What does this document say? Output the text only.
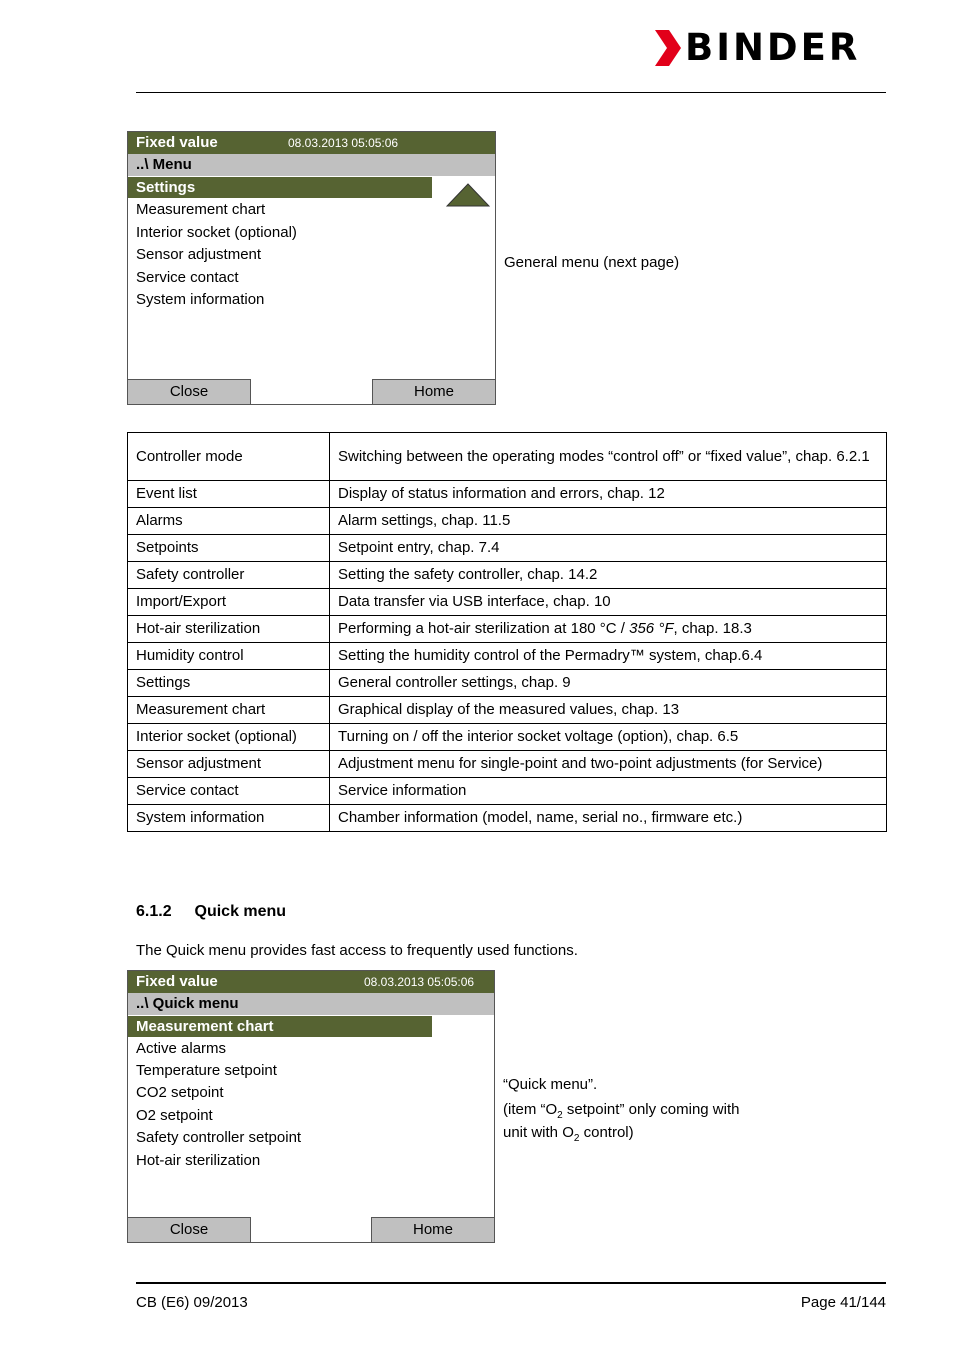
BINDER
Fixed value	08.03.2013 05:05:06
..\ Menu
Settings
Measurement chart
Interior socket (optional)
Sensor adjustment
Service contact
System information
Close	Home
General menu (next page)
Controller mode	Switching between the operating modes “control off” or “fixed value”, chap. 6.2.1
Event list	Display of status information and errors, chap. 12
Alarms	Alarm settings, chap. 11.5
Setpoints	Setpoint entry, chap. 7.4
Safety controller	Setting the safety controller, chap. 14.2
Import/Export	Data transfer via USB interface, chap. 10
Hot-air sterilization	Performing a hot-air sterilization at 180 °C / 356 °F, chap. 18.3
Humidity control	Setting the humidity control of the Permadry™ system, chap.6.4
Settings	General controller settings, chap. 9
Measurement chart	Graphical display of the measured values, chap. 13
Interior socket (optional)	Turning on / off the interior socket voltage (option), chap. 6.5
Sensor adjustment	Adjustment menu for single-point and two-point adjustments (for Service)
Service contact	Service information
System information	Chamber information (model, name, serial no., firmware etc.)
6.1.2 Quick menu
The Quick menu provides fast access to frequently used functions.
Fixed value	08.03.2013 05:05:06
..\ Quick menu
Measurement chart
Active alarms
Temperature setpoint
CO2 setpoint
O2 setpoint
Safety controller setpoint
Hot-air sterilization
Close	Home
“Quick menu”.
(item “$O_2$ setpoint” only coming with
unit with $O_2$ control)
CB (E6) 09/2013	Page 41/144
